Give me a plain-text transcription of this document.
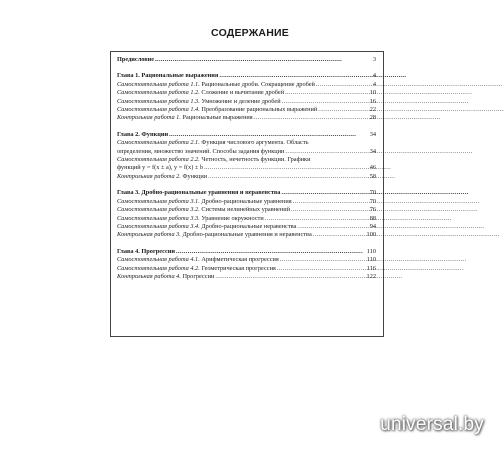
СОДЕРЖАНИЕ
Предисловие . . .	3
Глава 1. Рациональные выражения . . .	4
Самостоятельная работа 1.1. Рациональные дроби. Сокращение дробей . . .	4
Самостоятельная работа 1.2. Сложение и вычитание дробей . . .	10
Самостоятельная работа 1.3. Умножение и деление дробей . . .	16
Самостоятельная работа 1.4. Преобразование рациональных выражений . . .	22
Контрольная работа 1. Рациональные выражения . . .	28
Глава 2. Функции . . .	34
Самостоятельная работа 2.1. Функция числового аргумента. Область
определения, множество значений. Способы задания функции . . .	34
Самостоятельная работа 2.2. Четность, нечетность функции. Графики
функций y = f(x ± a), y = f(x) ± b . . .	46
Контрольная работа 2. Функции . . .	58
Глава 3. Дробно-рациональные уравнения и неравенства . . .	70
Самостоятельная работа 3.1. Дробно-рациональные уравнения . . .	70
Самостоятельная работа 3.2. Системы нелинейных уравнений . . .	76
Самостоятельная работа 3.3. Уравнение окружности . . .	88
Самостоятельная работа 3.4. Дробно-рациональные неравенства . . .	94
Контрольная работа 3. Дробно-рациональные уравнения и неравенства . . .	100
Глава 4. Прогрессии . . .	110
Самостоятельная работа 4.1. Арифметическая прогрессия . . .	110
Самостоятельная работа 4.2. Геометрическая прогрессия . . .	116
Контрольная работа 4. Прогрессии . . .	122
universal.by
